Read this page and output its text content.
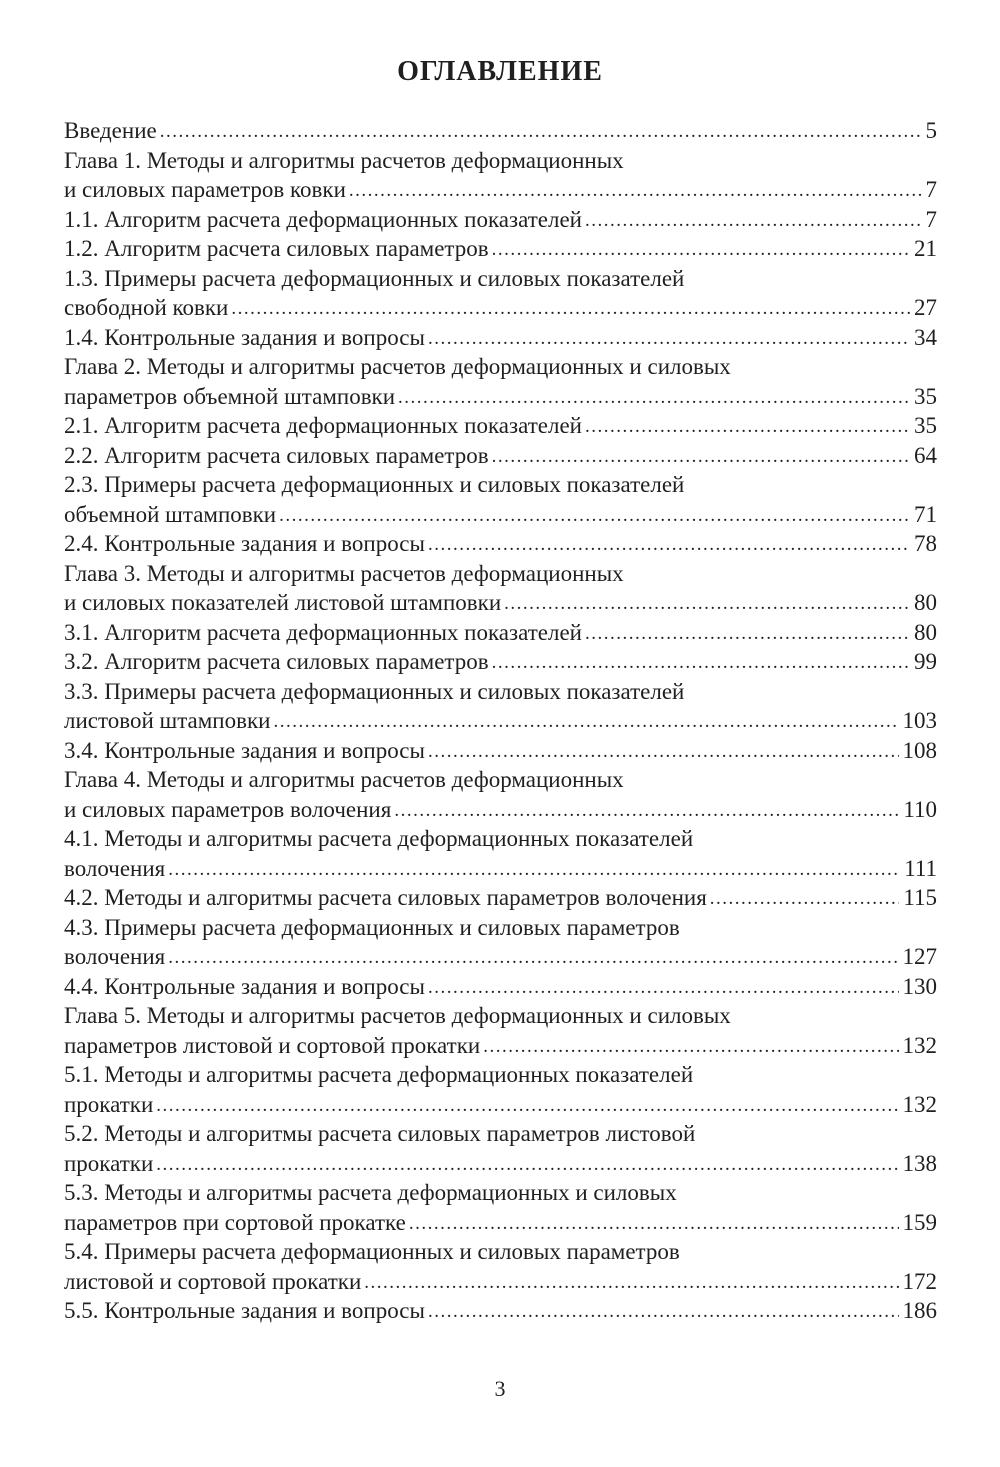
ОГЛАВЛЕНИЕ
Введение .....	5
Глава 1. Методы и алгоритмы расчетов деформационных
и силовых параметров ковки .....	7
1.1. Алгоритм расчета деформационных показателей .....	7
1.2. Алгоритм расчета силовых параметров .....	21
1.3. Примеры расчета деформационных и силовых показателей
свободной ковки .....	27
1.4. Контрольные задания и вопросы .....	34
Глава 2. Методы и алгоритмы расчетов деформационных и силовых
параметров объемной штамповки .....	35
2.1. Алгоритм расчета деформационных показателей .....	35
2.2. Алгоритм расчета силовых параметров .....	64
2.3. Примеры расчета деформационных и силовых показателей
объемной штамповки .....	71
2.4. Контрольные задания и вопросы .....	78
Глава 3. Методы и алгоритмы расчетов деформационных
и силовых показателей листовой штамповки .....	80
3.1. Алгоритм расчета деформационных показателей .....	80
3.2. Алгоритм расчета силовых параметров .....	99
3.3. Примеры расчета деформационных и силовых показателей
листовой штамповки .....	103
3.4. Контрольные задания и вопросы .....	108
Глава 4. Методы и алгоритмы расчетов деформационных
и силовых параметров волочения .....	110
4.1. Методы и алгоритмы расчета деформационных показателей
волочения .....	111
4.2. Методы и алгоритмы расчета силовых параметров волочения .....	115
4.3. Примеры расчета деформационных и силовых параметров
волочения .....	127
4.4. Контрольные задания и вопросы .....	130
Глава 5. Методы и алгоритмы расчетов деформационных и силовых
параметров листовой и сортовой прокатки .....	132
5.1. Методы и алгоритмы расчета деформационных показателей
прокатки .....	132
5.2. Методы и алгоритмы расчета силовых параметров листовой
прокатки .....	138
5.3. Методы и алгоритмы расчета деформационных и силовых
параметров при сортовой прокатке .....	159
5.4. Примеры расчета деформационных и силовых параметров
листовой и сортовой прокатки .....	172
5.5. Контрольные задания и вопросы .....	186
3
